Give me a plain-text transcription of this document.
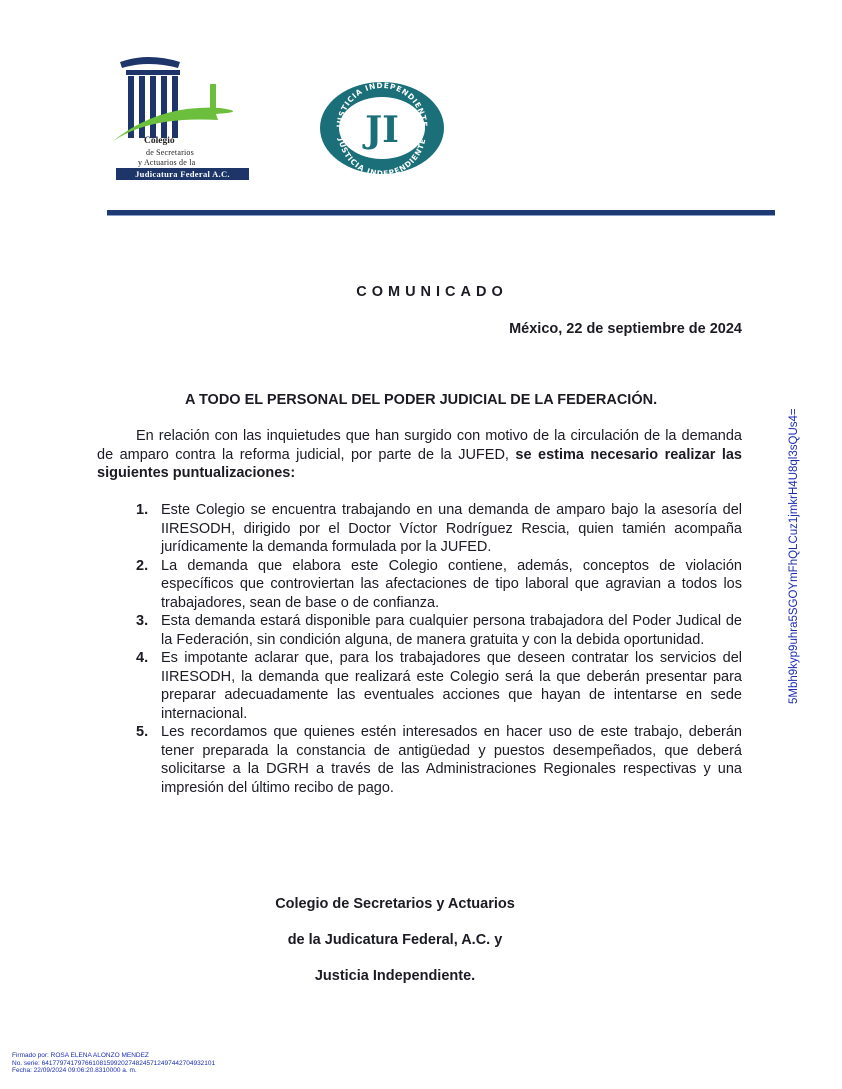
Colegio
de Secretarios
y Actuarios de la
Judicatura Federal A.C.
JUSTICIA INDEPENDIENTE
JUSTICIA INDEPENDIENTE
JI
COMUNICADO
México, 22 de septiembre de 2024
A TODO EL PERSONAL DEL PODER JUDICIAL DE LA FEDERACIÓN.

En relación con las inquietudes que han surgido con motivo de la circulación de la demanda de amparo contra la reforma judicial, por parte de la JUFED, se estima necesario realizar las siguientes puntualizaciones:

1. Este Colegio se encuentra trabajando en una demanda de amparo bajo la asesoría del IIRESODH, dirigido por el Doctor Víctor Rodríguez Rescia, quien tamién acompaña jurídicamente la demanda formulada por la JUFED.
2. La demanda que elabora este Colegio contiene, además, conceptos de violación específicos que controviertan las afectaciones de tipo laboral que agravian a todos los trabajadores, sean de base o de confianza.
3. Esta demanda estará disponible para cualquier persona trabajadora del Poder Judical de la Federación, sin condición alguna, de manera gratuita y con la debida oportunidad.
4. Es impotante aclarar que, para los trabajadores que deseen contratar los servicios del IIRESODH, la demanda que realizará este Colegio será la que deberán presentar para preparar adecuadamente las eventuales acciones que hayan de intentarse en sede internacional.
5. Les recordamos que quienes estén interesados en hacer uso de este trabajo, deberán tener preparada la constancia de antigüedad y puestos desempeñados, que deberá solicitarse a la DGRH a través de las Administraciones Regionales respectivas y una impresión del último recibo de pago.
Colegio de Secretarios y Actuarios
de la Judicatura Federal, A.C. y
Justicia Independiente.
5Mbh9kyp9uhra5SGOYmFhQLCuz1jmkrH4U8ql3sQUs4=
Firmado por: ROSA ELENA ALONZO MENDEZ
No. serie: 6417797417976610815992027482457124974427049321​01
Fecha: 22/09/2024 09:06:20.8310000 a. m.
